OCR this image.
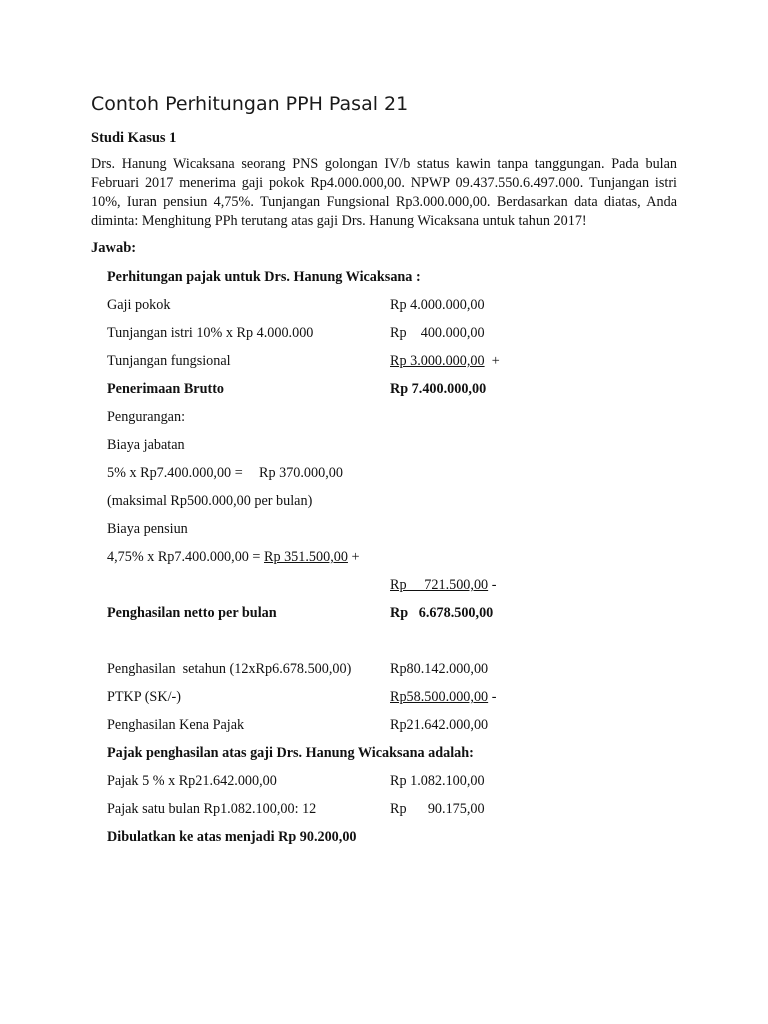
Contoh Perhitungan PPH Pasal 21
Studi Kasus 1

Drs. Hanung Wicaksana seorang PNS golongan IV/b status kawin tanpa tanggungan. Pada bulan Februari 2017 menerima gaji pokok Rp4.000.000,00. NPWP 09.437.550.6.497.000. Tunjangan istri 10%, Iuran pensiun 4,75%. Tunjangan Fungsional Rp3.000.000,00. Berdasarkan data diatas, Anda diminta: Menghitung PPh terutang atas gaji Drs. Hanung Wicaksana untuk tahun 2017!

Jawab:
Perhitungan pajak untuk Drs. Hanung Wicaksana :
Gaji pokok	Rp 4.000.000,00
Tunjangan istri 10% x Rp 4.000.000	Rp    400.000,00
Tunjangan fungsional	Rp 3.000.000,00 +
Penerimaan Brutto	Rp 7.400.000,00
Pengurangan:
Biaya jabatan
5% x Rp7.400.000,00 = Rp 370.000,00
(maksimal Rp500.000,00 per bulan)
Biaya pensiun
4,75% x Rp7.400.000,00 = Rp 351.500,00 +
Rp     721.500,00 -
Penghasilan netto per bulan	Rp   6.678.500,00
Penghasilan  setahun (12xRp6.678.500,00)	Rp80.142.000,00
PTKP (SK/-)	Rp58.500.000,00 -
Penghasilan Kena Pajak	Rp21.642.000,00
Pajak penghasilan atas gaji Drs. Hanung Wicaksana adalah:
Pajak 5 % x Rp21.642.000,00	Rp 1.082.100,00
Pajak satu bulan Rp1.082.100,00: 12	Rp      90.175,00
Dibulatkan ke atas menjadi Rp 90.200,00
